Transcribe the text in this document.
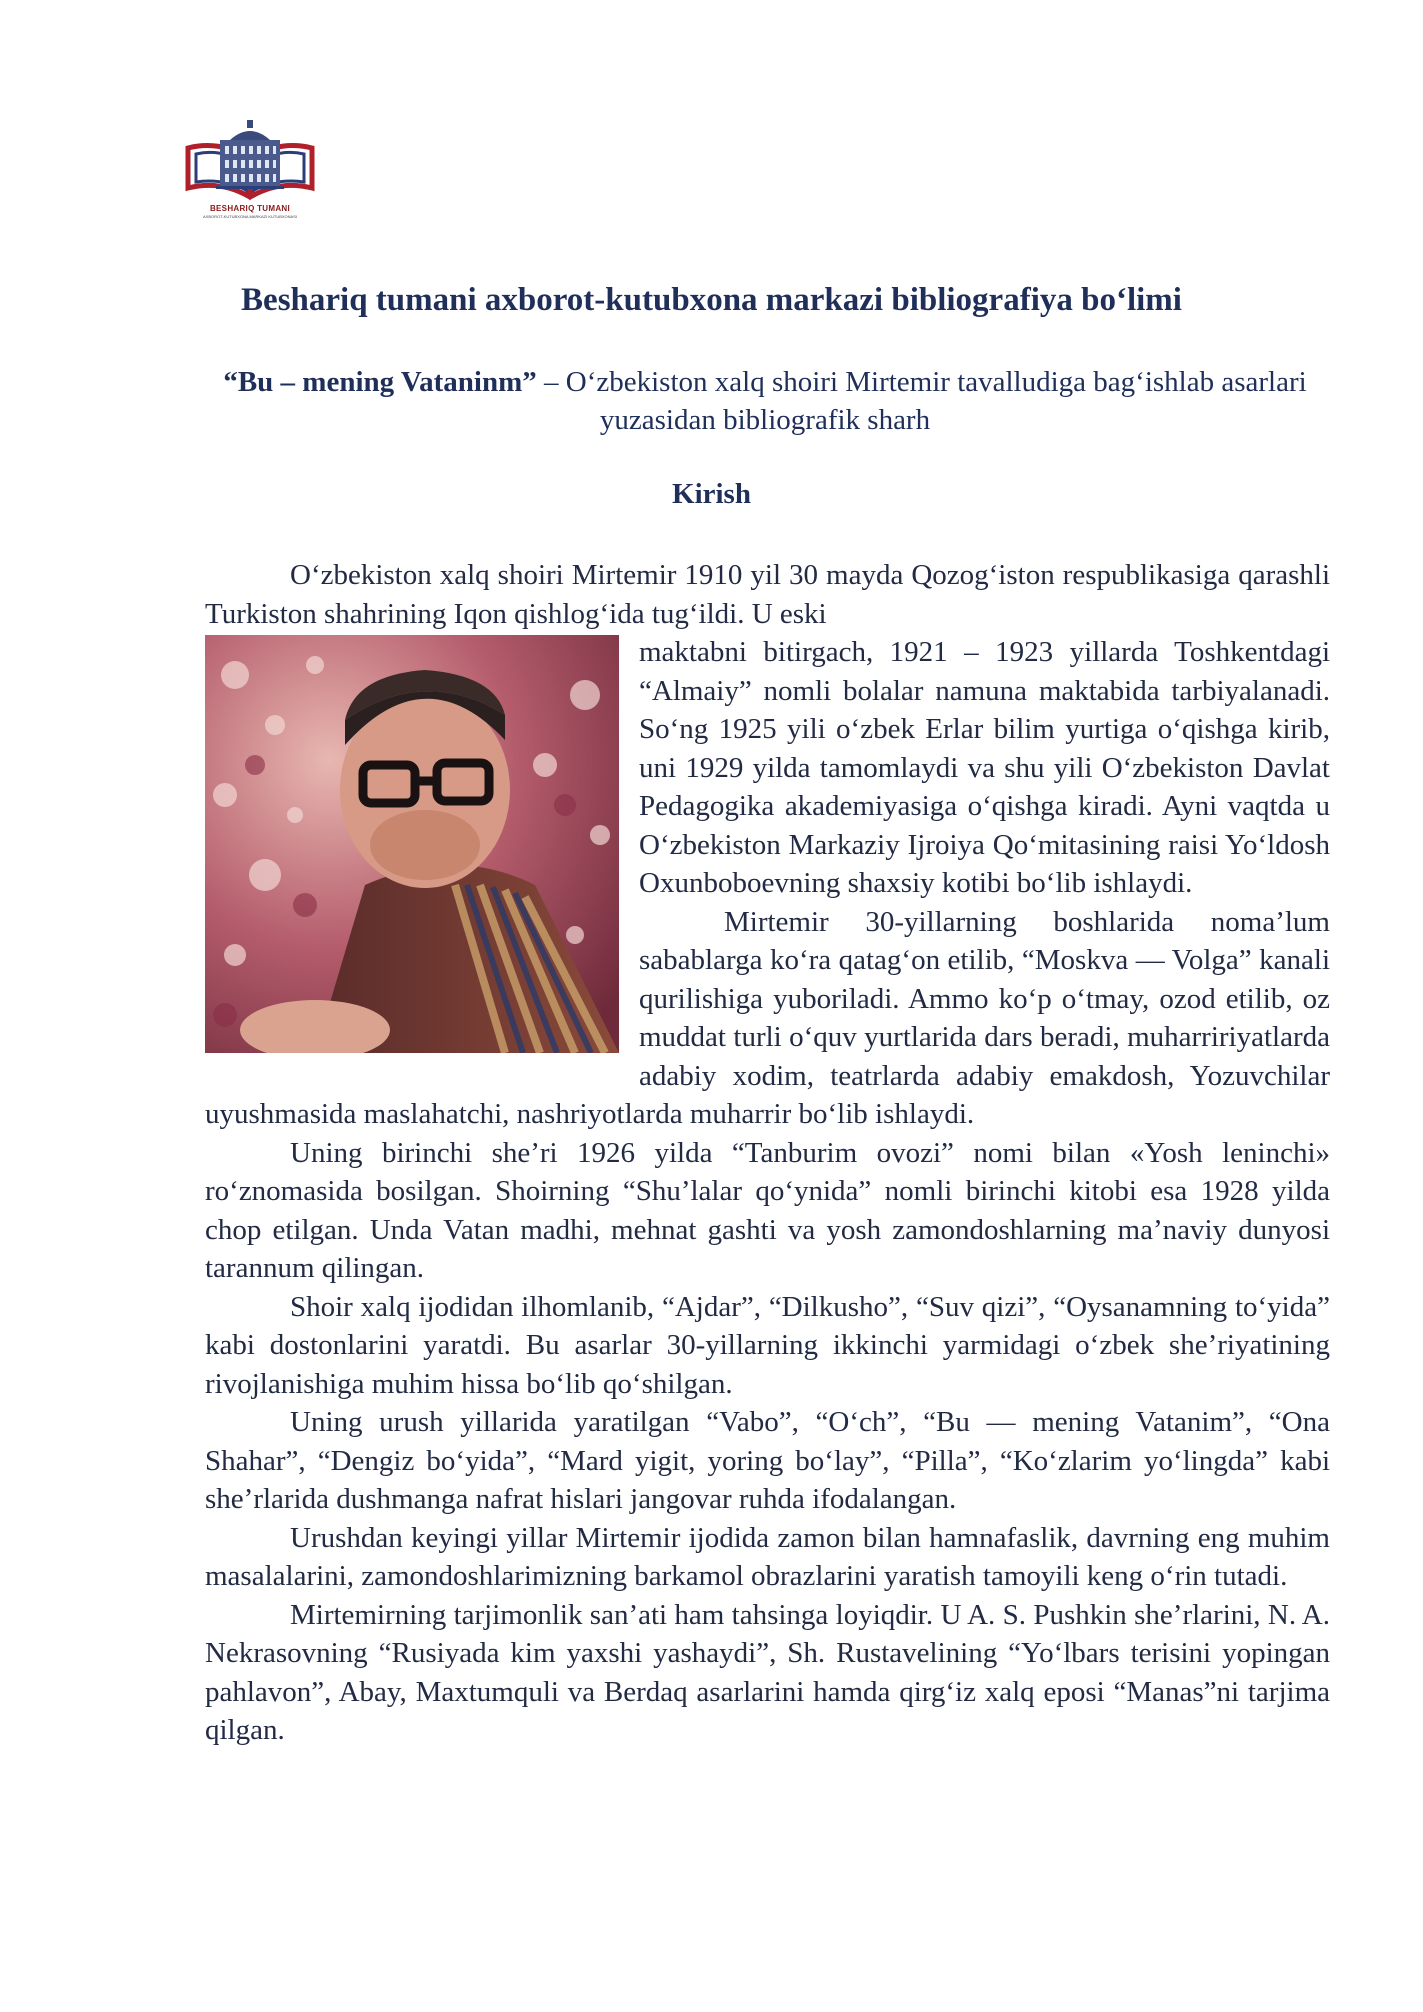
BESHARIQ TUMANI
AXBOROT-KUTUBXONA MARKAZI KUTUBXONASI
Beshariq tumani axborot-kutubxona markazi bibliografiya bo‘limi
“Bu – mening Vataninm” – O‘zbekiston xalq shoiri Mirtemir tavalludiga bag‘ishlab asarlari yuzasidan bibliografik sharh
Kirish

O‘zbekiston xalq shoiri Mirtemir 1910 yil 30 mayda Qozog‘iston respublikasiga qarashli Turkiston shahrining Iqon qishlog‘ida tug‘ildi. U eski

maktabni bitirgach, 1921 – 1923 yillarda Toshkentdagi “Almaiy” nomli bolalar namuna maktabida tarbiyalanadi. So‘ng 1925 yili o‘zbek Erlar bilim yurtiga o‘qishga kirib, uni 1929 yilda tamomlaydi va shu yili O‘zbekiston Davlat Pedagogika akademiyasiga o‘qishga kiradi. Ayni vaqtda u O‘zbekiston Markaziy Ijroiya Qo‘mitasining raisi Yo‘ldosh Oxunboboevning shaxsiy kotibi bo‘lib ishlaydi.

Mirtemir 30-yillarning boshlarida noma’lum sabablarga ko‘ra qatag‘on etilib, “Moskva — Volga” kanali qurilishiga yuboriladi. Ammo ko‘p o‘tmay, ozod etilib, oz muddat turli o‘quv yurtlarida dars beradi, muharririyatlarda adabiy xodim, teatrlarda adabiy emakdosh, Yozuvchilar uyushmasida maslahatchi, nashriyotlarda muharrir bo‘lib ishlaydi.

Uning birinchi she’ri 1926 yilda “Tanburim ovozi” nomi bilan «Yosh leninchi» ro‘znomasida bosilgan. Shoirning “Shu’lalar qo‘ynida” nomli birinchi kitobi esa 1928 yilda chop etilgan. Unda Vatan madhi, mehnat gashti va yosh zamondoshlarning ma’naviy dunyosi tarannum qilingan.

Shoir xalq ijodidan ilhomlanib, “Ajdar”, “Dilkusho”, “Suv qizi”, “Oysanamning to‘yida” kabi dostonlarini yaratdi. Bu asarlar 30-yillarning ikkinchi yarmidagi o‘zbek she’riyatining rivojlanishiga muhim hissa bo‘lib qo‘shilgan.

Uning urush yillarida yaratilgan “Vabo”, “O‘ch”, “Bu — mening Vatanim”, “Ona Shahar”, “Dengiz bo‘yida”, “Mard yigit, yoring bo‘lay”, “Pilla”, “Ko‘zlarim yo‘lingda” kabi she’rlarida dushmanga nafrat hislari jangovar ruhda ifodalangan.

Urushdan keyingi yillar Mirtemir ijodida zamon bilan hamnafaslik, davrning eng muhim masalalarini, zamondoshlarimizning barkamol obrazlarini yaratish tamoyili keng o‘rin tutadi.

Mirtemirning tarjimonlik san’ati ham tahsinga loyiqdir. U A. S. Pushkin she’rlarini, N. A. Nekrasovning “Rusiyada kim yaxshi yashaydi”, Sh. Rustavelining “Yo‘lbars terisini yopingan pahlavon”, Abay, Maxtumquli va Berdaq asarlarini hamda qirg‘iz xalq eposi “Manas”ni tarjima qilgan.
